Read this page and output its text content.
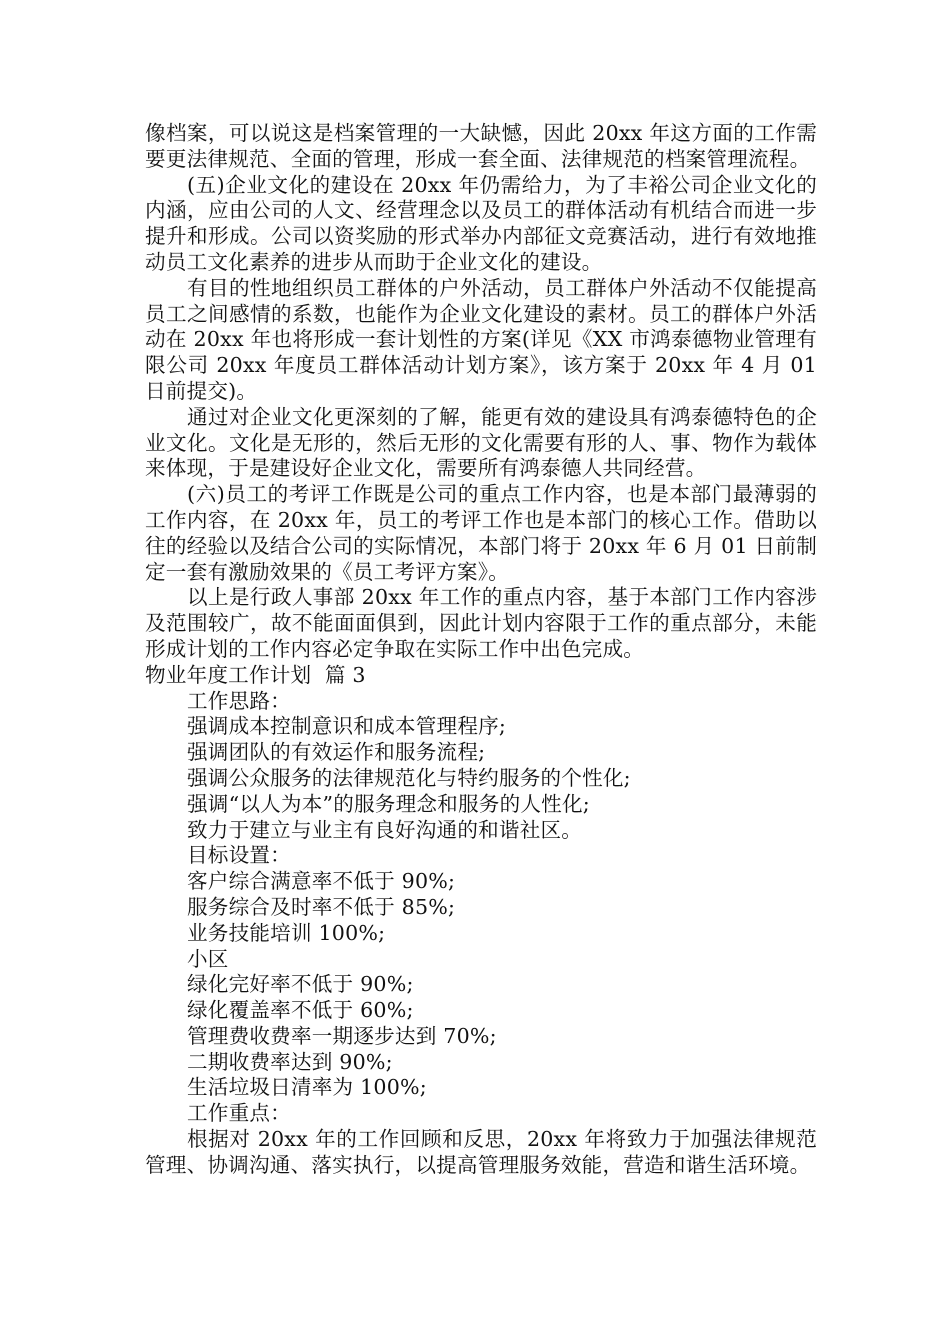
像档案，可以说这是档案管理的一大缺憾，因此 20xx 年这方面的工作需要更法律规范、全面的管理，形成一套全面、法律规范的档案管理流程。

(五)企业文化的建设在 20xx 年仍需给力，为了丰裕公司企业文化的内涵，应由公司的人文、经营理念以及员工的群体活动有机结合而进一步提升和形成。公司以资奖励的形式举办内部征文竞赛活动，进行有效地推动员工文化素养的进步从而助于企业文化的建设。

有目的性地组织员工群体的户外活动，员工群体户外活动不仅能提高员工之间感情的系数，也能作为企业文化建设的素材。员工的群体户外活动在 20xx 年也将形成一套计划性的方案(详见《XX 市鸿泰德物业管理有限公司 20xx 年度员工群体活动计划方案》，该方案于 20xx 年 4 月 01 日前提交)。

通过对企业文化更深刻的了解，能更有效的建设具有鸿泰德特色的企业文化。文化是无形的，然后无形的文化需要有形的人、事、物作为载体来体现，于是建设好企业文化，需要所有鸿泰德人共同经营。

(六)员工的考评工作既是公司的重点工作内容，也是本部门最薄弱的工作内容，在 20xx 年，员工的考评工作也是本部门的核心工作。借助以往的经验以及结合公司的实际情况，本部门将于 20xx 年 6 月 01 日前制定一套有激励效果的《员工考评方案》。

以上是行政人事部 20xx 年工作的重点内容，基于本部门工作内容涉及范围较广，故不能面面俱到，因此计划内容限于工作的重点部分，未能形成计划的工作内容必定争取在实际工作中出色完成。

物业年度工作计划  篇 3

工作思路：

强调成本控制意识和成本管理程序;

强调团队的有效运作和服务流程;

强调公众服务的法律规范化与特约服务的个性化;

强调“以人为本”的服务理念和服务的人性化;

致力于建立与业主有良好沟通的和谐社区。

目标设置：

客户综合满意率不低于 90%;

服务综合及时率不低于 85%;

业务技能培训 100%;

小区

绿化完好率不低于 90%;

绿化覆盖率不低于 60%;

管理费收费率一期逐步达到 70%;

二期收费率达到 90%;

生活垃圾日清率为 100%;

工作重点：

根据对 20xx 年的工作回顾和反思，20xx 年将致力于加强法律规范管理、协调沟通、落实执行，以提高管理服务效能，营造和谐生活环境。
